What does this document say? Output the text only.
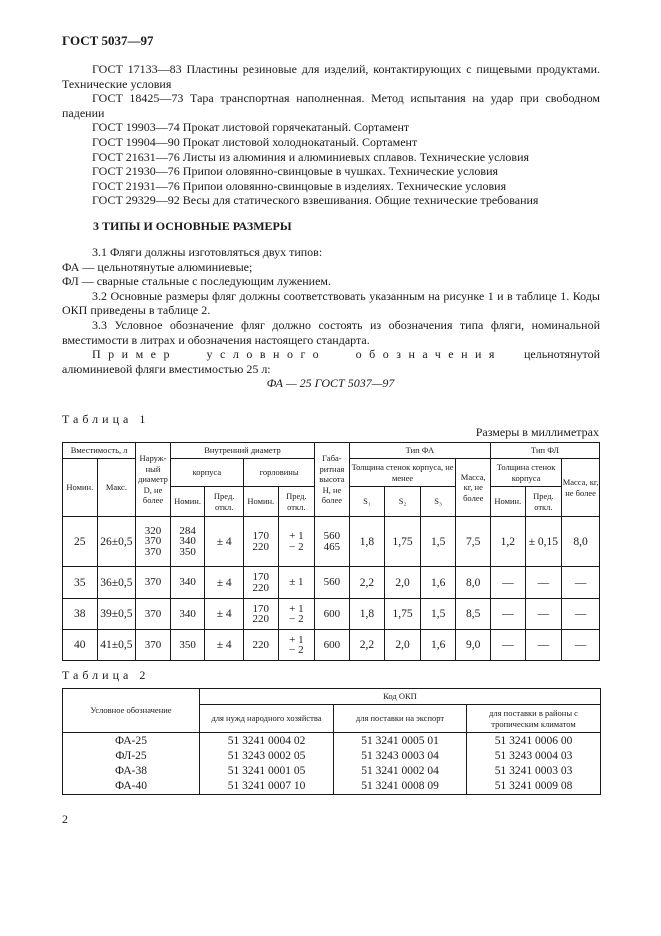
ГОСТ 5037—97

ГОСТ 17133—83 Пластины резиновые для изделий, контактирующих с пищевыми продуктами. Технические условия

ГОСТ 18425—73 Тара транспортная наполненная. Метод испытания на удар при свободном падении

ГОСТ 19903—74 Прокат листовой горячекатаный. Сортамент

ГОСТ 19904—90 Прокат листовой холоднокатаный. Сортамент

ГОСТ 21631—76 Листы из алюминия и алюминиевых сплавов. Технические условия

ГОСТ 21930—76 Припои оловянно-свинцовые в чушках. Технические условия

ГОСТ 21931—76 Припои оловянно-свинцовые в изделиях. Технические условия

ГОСТ 29329—92 Весы для статического взвешивания. Общие технические требования

3 ТИПЫ И ОСНОВНЫЕ РАЗМЕРЫ

3.1 Фляги должны изготовляться двух типов:

ФА — цельнотянутые алюминиевые;

ФЛ — сварные стальные с последующим лужением.

3.2 Основные размеры фляг должны соответствовать указанным на рисунке 1 и в таблице 1. Коды ОКП приведены в таблице 2.

3.3 Условное обозначение фляг должно состоять из обозначения типа фляги, номинальной вместимости в литрах и обозначения настоящего стандарта.

Пример условного обозначения цельнотянутой алюминиевой фляги вместимостью 25 л:

ФА — 25 ГОСТ 5037—97
Таблица 1
Размеры в миллиметрах
Вместимость, л		Наруж-ный диаметр D, не более	Внутренний диаметр				Габа-ритная высота H, не более	Тип ФА				Тип ФЛ		
Номин.	Макс.		корпуса		горловины			Толщина стенок корпуса, не менее			Масса, кг, не более	Толщина стенок корпуса		Масса, кг, не более
			Номин.	Пред. откл.	Номин.	Пред. откл.		S₁	S₂	S₃		Номин.	Пред. откл.	
25	26±0,5	320
370
370	284
340
350	± 4	170
220	+ 1
− 2	560
465	1,8	1,75	1,5	7,5	1,2	± 0,15	8,0
35	36±0,5	370	340	± 4	170
220	± 1	560	2,2	2,0	1,6	8,0	—	—	—
38	39±0,5	370	340	± 4	170
220	+ 1
− 2	600	1,8	1,75	1,5	8,5	—	—	—
40	41±0,5	370	350	± 4	220	+ 1
− 2	600	2,2	2,0	1,6	9,0	—	—	—
Таблица 2
Условное обозначение	Код ОКП		
	для нужд народного хозяйства	для поставки на экспорт	для поставки в районы с тропическим климатом
ФА-25	51 3241 0004 02	51 3241 0005 01	51 3241 0006 00
ФЛ-25	51 3243 0002 05	51 3243 0003 04	51 3243 0004 03
ФА-38	51 3241 0001 05	51 3241 0002 04	51 3241 0003 03
ФА-40	51 3241 0007 10	51 3241 0008 09	51 3241 0009 08
2
